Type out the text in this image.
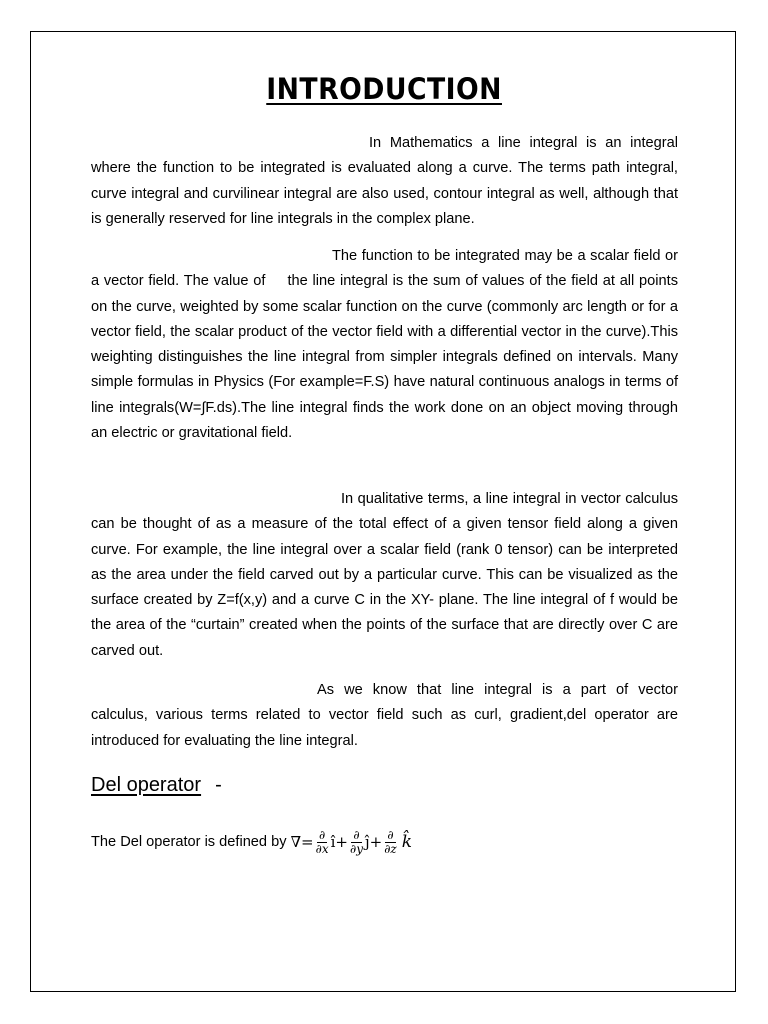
INTRODUCTION
In Mathematics a line integral is an integral where the function to be integrated is evaluated along a curve. The terms path integral, curve integral and curvilinear integral are also used, contour integral as well, although that is generally reserved for line integrals in the complex plane.
The function to be integrated may be a scalar field or a vector field. The value of the line integral is the sum of values of the field at all points on the curve, weighted by some scalar function on the curve (commonly arc length or for a vector field, the scalar product of the vector field with a differential vector in the curve).This weighting distinguishes the line integral from simpler integrals defined on intervals. Many simple formulas in Physics (For example=F.S) have natural continuous analogs in terms of line integrals(W=∫F.ds).The line integral finds the work done on an object moving through an electric or gravitational field.
In qualitative terms, a line integral in vector calculus can be thought of as a measure of the total effect of a given tensor field along a given curve. For example, the line integral over a scalar field (rank 0 tensor) can be interpreted as the area under the field carved out by a particular curve. This can be visualized as the surface created by Z=f(x,y) and a curve C in the XY- plane. The line integral of f would be the area of the “curtain” created when the points of the surface that are directly over C are carved out.
As we know that line integral is a part of vector calculus, various terms related to vector field such as curl, gradient,del operator are introduced for evaluating the line integral.
Del operator -
The Del operator is defined by
∇= $\frac{\partial}{\partial x}$ î+ $\frac{\partial}{\partial y}$ ĵ+ $\frac{\partial}{\partial z}$ k̂
